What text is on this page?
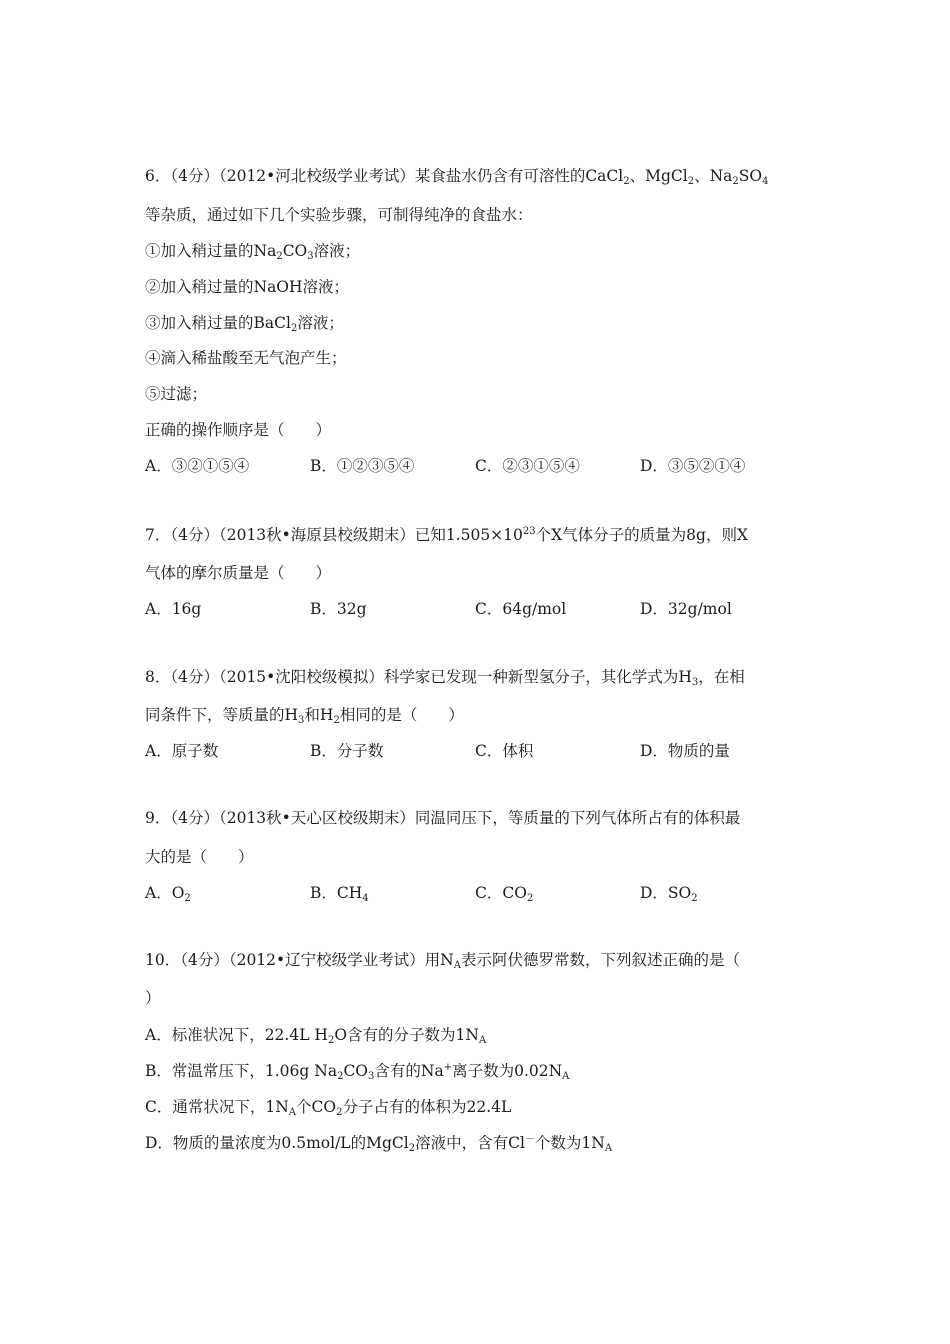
6．（4分）（2012•河北校级学业考试）某食盐水仍含有可溶性的CaCl$_2$、MgCl$_2$、$Na_2SO_4$
等杂质，通过如下几个实验步骤，可制得纯净的食盐水：
①加入稍过量的$Na_2CO_3$溶液；
②加入稍过量的NaOH溶液；
③加入稍过量的BaCl$_2$溶液；
④滴入稀盐酸至无气泡产生；
⑤过滤；
正确的操作顺序是（　　）
A．③②①⑤④	B．①②③⑤④	C．②③①⑤④	D．③⑤②①④
7．（4分）（2013秋•海原县校级期末）已知$1.505\times 10^{23}$个X气体分子的质量为8g，则X
气体的摩尔质量是（　　）
A．16g	B．32g	C．64g/mol	D．32g/mol
8．（4分）（2015•沈阳校级模拟）科学家已发现一种新型氢分子，其化学式为$H_3$，在相
同条件下，等质量的$H_3$和$H_2$相同的是（　　）
A．原子数	B．分子数	C．体积	D．物质的量
9．（4分）（2013秋•天心区校级期末）同温同压下，等质量的下列气体所占有的体积最
大的是（　　）
A．$O_2$	B．$CH_4$	C．$CO_2$	D．$SO_2$
10．（4分）（2012•辽宁校级学业考试）用$N_A$表示阿伏德罗常数，下列叙述正确的是（
）
A．标准状况下，22.4L $H_2O$含有的分子数为$1N_A$
B．常温常压下，1.06g $Na_2CO_3$含有的Na+离子数为$0.02N_A$
C．通常状况下，$1N_A$个$CO_2$分子占有的体积为22.4L
D．物质的量浓度为0.5mol/L的MgCl$_2$溶液中，含有Cl－个数为$1N_A$
